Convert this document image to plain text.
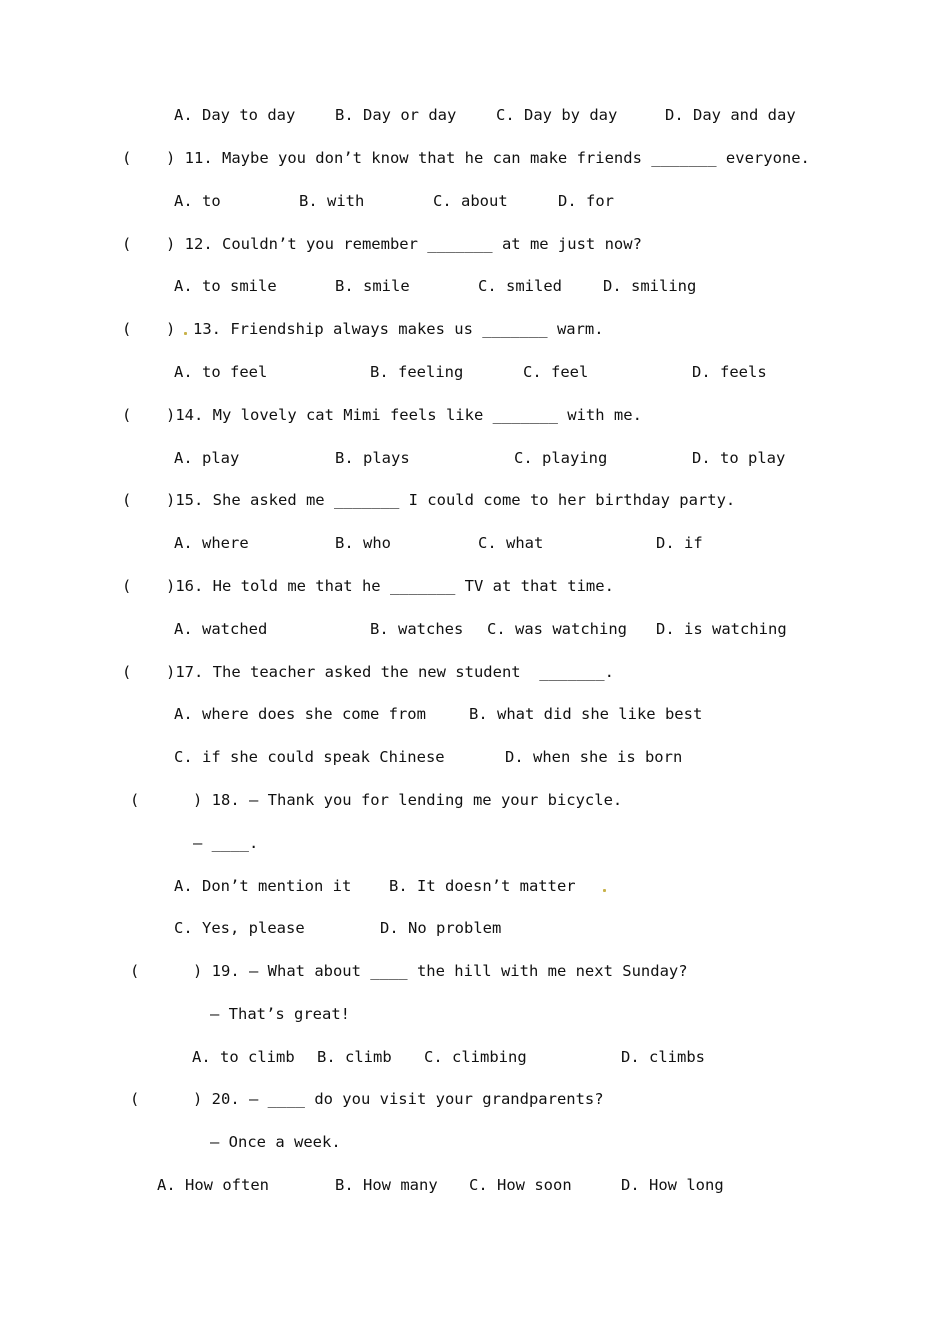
A. Day to day	B. Day or day	C. Day by day	D. Day and day
( ) 11. Maybe you don’t know that he can make friends _______ everyone.
A. to	B. with	C. about	D. for
( ) 12. Couldn’t you remember _______ at me just now?
A. to smile	B. smile	C. smiled	D. smiling
( ) 13. Friendship always makes us _______ warm.
A. to feel	B. feeling	C. feel	D. feels
( )14. My lovely cat Mimi feels like _______ with me.
A. play	B. plays	C. playing	D. to play
( )15. She asked me _______ I could come to her birthday party.
A. where	B. who	C. what	D. if
( )16. He told me that he _______ TV at that time.
A. watched	B. watches C. was watching D. is watching
( )17. The teacher asked the new student  _______.
A. where does she come from	B. what did she like best
C. if she could speak Chinese	D. when she is born
(	) 18. — Thank you for lending me your bicycle.
— ____.
A. Don’t mention it B. It doesn’t matter
C. Yes, please	D. No problem
(	) 19. — What about ____ the hill with me next Sunday?
— That’s great!
A. to climb B. climb C. climbing	D. climbs
(	) 20. — ____ do you visit your grandparents?
— Once a week.
A. How often	B. How many C. How soon	D. How long
